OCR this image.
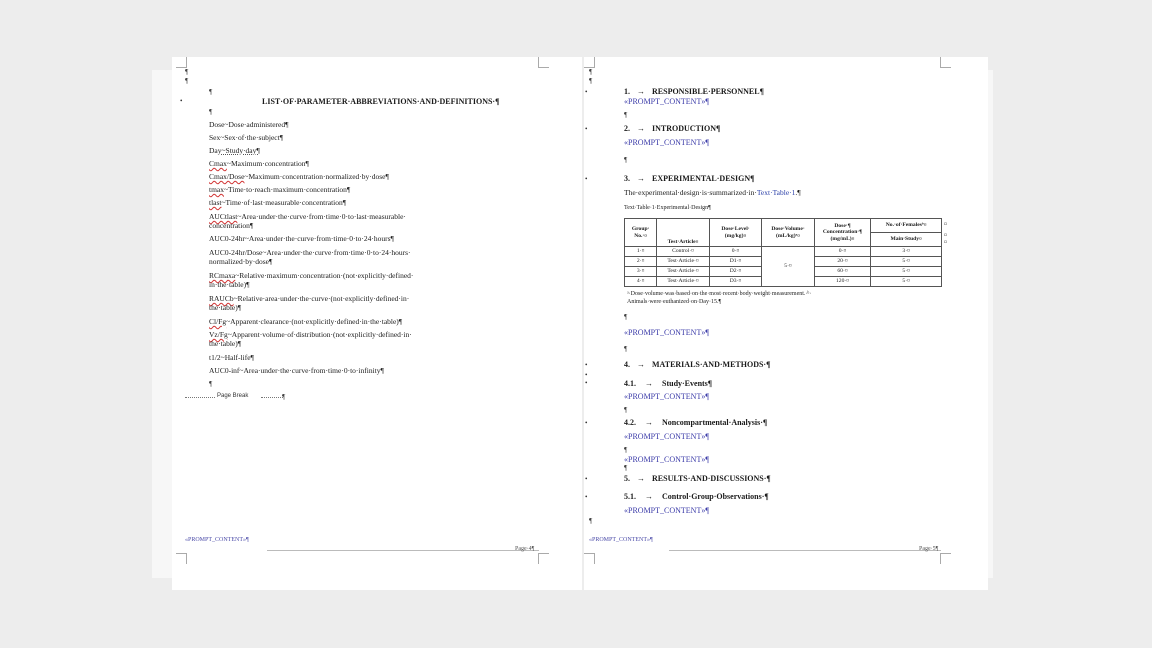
¶
¶
¶
•	LIST·OF·PARAMETER·ABBREVIATIONS·AND·DEFINITIONS·¶
¶
Dose~Dose·administered¶
Sex~Sex·of·the·subject¶
Day~Study·day¶
Cmax~Maximum·concentration¶
Cmax/Dose~Maximum·concentration·normalized·by·dose¶
tmax~Time·to·reach·maximum·concentration¶
tlast~Time·of·last·measurable·concentration¶
AUCtlast~Area·under·the·curve·from·time·0·to·last·measurable·
concentration¶
AUC0-24hr~Area·under·the·curve·from·time·0·to·24·hours¶
AUC0-24hr/Dose~Area·under·the·curve·from·time·0·to·24·hours·
normalized·by·dose¶
RCmaxa~Relative·maximum·concentration·(not·explicitly·defined·
in·the·table)¶
RAUCb~Relative·area·under·the·curve·(not·explicitly·defined·in·
the·table)¶
Cl/Fg~Apparent·clearance·(not·explicitly·defined·in·the·table)¶
Vz/Fg~Apparent·volume·of·distribution·(not·explicitly·defined·in·
the·table)¶
t1/2~Half-life¶
AUC0-inf~Area·under·the·curve·from·time·0·to·infinity¶
¶
Page Break	¶
«PROMPT_CONTENT»¶
Page·4¶
¶
¶
•	1. → RESPONSIBLE·PERSONNEL¶
«PROMPT_CONTENT»¶
¶
•	2. → INTRODUCTION¶
«PROMPT_CONTENT»¶
¶
•	3. → EXPERIMENTAL·DESIGN¶
The·experimental·design·is·summarized·in·Text·Table·1.¶
Text·Table·1·Experimental·Design¶
Group·
No.·¤	Test·Article¤	Dose·Level·
(mg/kg)¤	Dose·Volume·
(mL/kg)ᵃ¤	Dose·¶
Concentration·¶
(mg/mL)¤	No.·of·Femalesᵇ¤
					Main·Study¤
1·¤	Control·¤	0·¤	5·¤	0·¤	3·¤
2·¤	Test·Article·¤	D1·¤		20·¤	5·¤
3·¤	Test·Article·¤	D2·¤		60·¤	5·¤
4·¤	Test·Article·¤	D3·¤		120·¤	5·¤
¤
¤
¤
ᵃ·Dose·volume·was·based·on·the·most·recent·body·weight·measurement.·ᵇ·
Animals·were·euthanized·on·Day·15.¶
¶
«PROMPT_CONTENT»¶
¶
•	4. → MATERIALS·AND·METHODS·¶
•
•	4.1. → Study·Events¶
«PROMPT_CONTENT»¶
¶
•	4.2. → Noncompartmental·Analysis·¶
«PROMPT_CONTENT»¶
¶
«PROMPT_CONTENT»¶
¶
•	5. → RESULTS·AND·DISCUSSIONS·¶
•	5.1. → Control·Group·Observations·¶
«PROMPT_CONTENT»¶
¶
«PROMPT_CONTENT»¶
Page·5¶
